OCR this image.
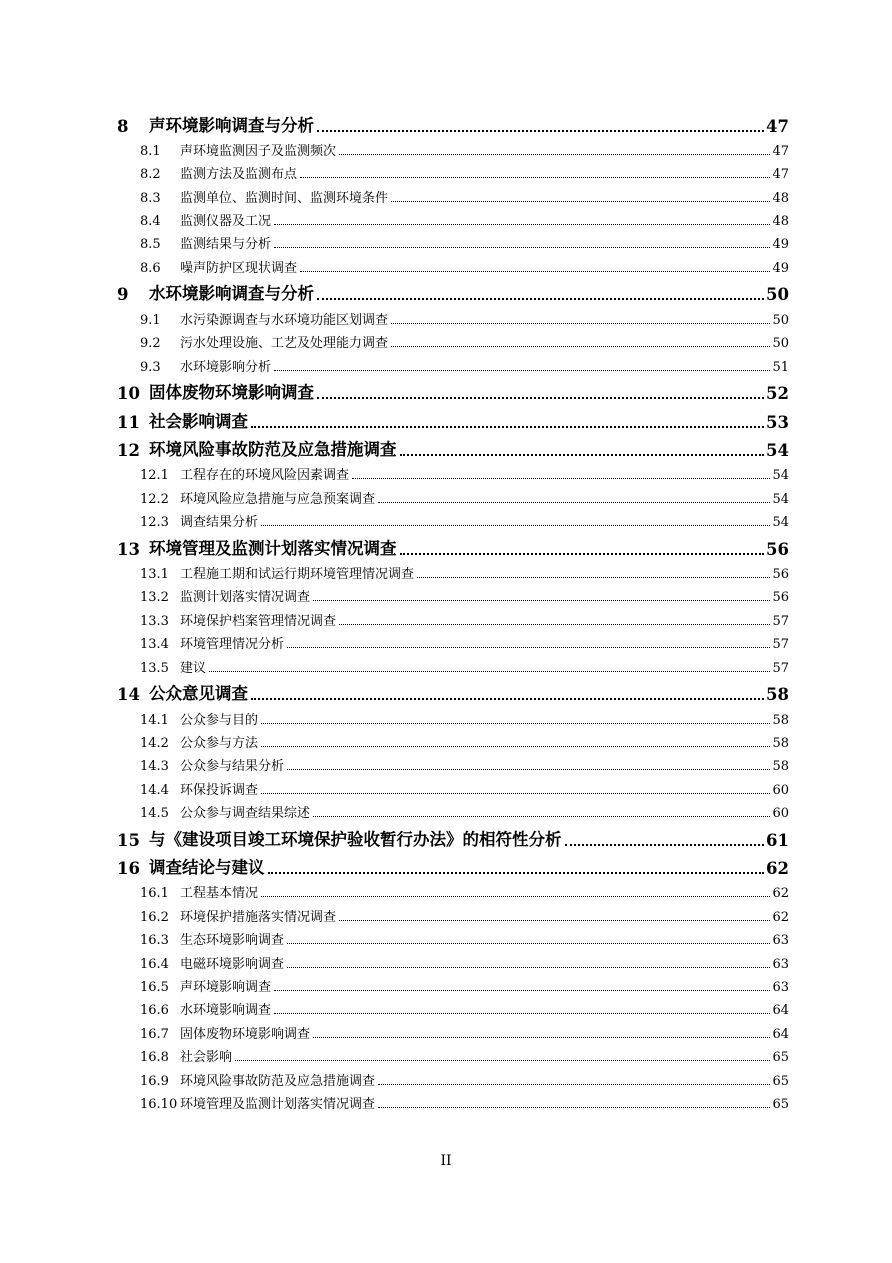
8	声环境影响调查与分析	47
8.1	声环境监测因子及监测频次	47
8.2	监测方法及监测布点	47
8.3	监测单位、监测时间、监测环境条件	48
8.4	监测仪器及工况	48
8.5	监测结果与分析	49
8.6	噪声防护区现状调查	49
9	水环境影响调查与分析	50
9.1	水污染源调查与水环境功能区划调查	50
9.2	污水处理设施、工艺及处理能力调查	50
9.3	水环境影响分析	51
10 固体废物环境影响调查	52
11 社会影响调查	53
12 环境风险事故防范及应急措施调查	54
12.1 工程存在的环境风险因素调查	54
12.2 环境风险应急措施与应急预案调查	54
12.3 调查结果分析	54
13 环境管理及监测计划落实情况调查	56
13.1 工程施工期和试运行期环境管理情况调查	56
13.2 监测计划落实情况调查	56
13.3 环境保护档案管理情况调查	57
13.4 环境管理情况分析	57
13.5 建议	57
14 公众意见调查	58
14.1 公众参与目的	58
14.2 公众参与方法	58
14.3 公众参与结果分析	58
14.4 环保投诉调查	60
14.5 公众参与调查结果综述	60
15 与《建设项目竣工环境保护验收暂行办法》的相符性分析	61
16 调查结论与建议	62
16.1 工程基本情况	62
16.2 环境保护措施落实情况调查	62
16.3 生态环境影响调查	63
16.4 电磁环境影响调查	63
16.5 声环境影响调查	63
16.6 水环境影响调查	64
16.7 固体废物环境影响调查	64
16.8 社会影响	65
16.9 环境风险事故防范及应急措施调查	65
16.10 环境管理及监测计划落实情况调查	65
II
